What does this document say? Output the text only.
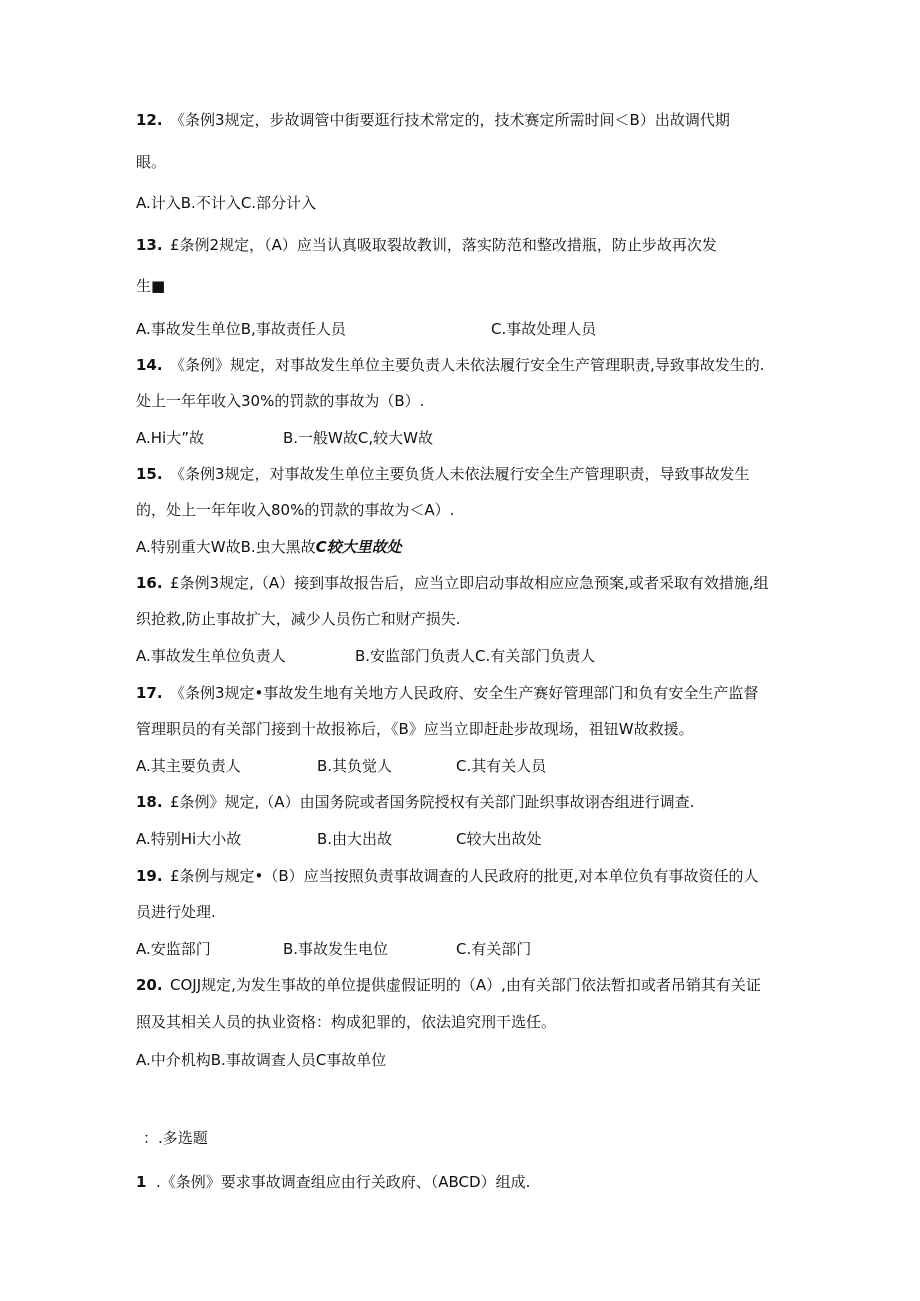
12. 《条例3规定，步故调管中街要逛行技术常定的，技术赛定所需时间＜B）出故调代期
眼。
A.计入B.不计入C.部分计入
13. £条例2规定，（A）应当认真吸取裂故教训，落实防范和整改措瓶，防止步故再次发
生■
A.事故发生单位B,事故责任人员	C.事故处理人员
14. 《条例》规定，对事故发生单位主要负责人未依法履行安全生产管理职责,导致事故发生的.
处上一年年收入30%的罚款的事故为（B）.
A.Hi大”故	B.一般W故C,较大W故
15. 《条例3规定，对事故发生单位主要负货人未依法履行安全生产管理职责，导致事故发生
的，处上一年年收入80%的罚款的事故为＜A）.
A.特别重大W故B.虫大黑故C较大里故处
16. £条例3规定,（A）接到事故报告后，应当立即启动事故相应应急预案,或者采取有效措施,组
织抢救,防止事故扩大，减少人员伤亡和财产损失.
A.事故发生单位负责人	B.安监部门负责人C.有关部门负责人
17. 《条例3规定•事故发生地有关地方人民政府、安全生产赛好管理部门和负有安全生产监督
管理职员的有关部门接到十故报袮后，《B》应当立即赶赴步故现场，祖钮W故救援。
A.其主要负责人	B.其负觉人	C.其有关人员
18. £条例》规定,（A）由国务院或者国务院授权有关部门趾织事故诩杏组进行调查.
A.特别Hi大小故	B.由大出故	C较大出故处
19. £条例与规定•（B）应当按照负责事故调查的人民政府的批更,对本单位负有事故资任的人
员进行处理.
A.安监部门	B.事故发生电位	C.有关部门
20. COJJ规定,为发生事故的单位提供虚假证明的（A）,由有关部门依法暂扣或者吊销其有关证
照及其相关人员的执业资格：构成犯罪的，依法追究刑干选任。
A.中介机构B.事故调查人员C事故单位
：.多选题
1 .《条例》要求事故调查组应由行关政府、（ABCD）组成.
